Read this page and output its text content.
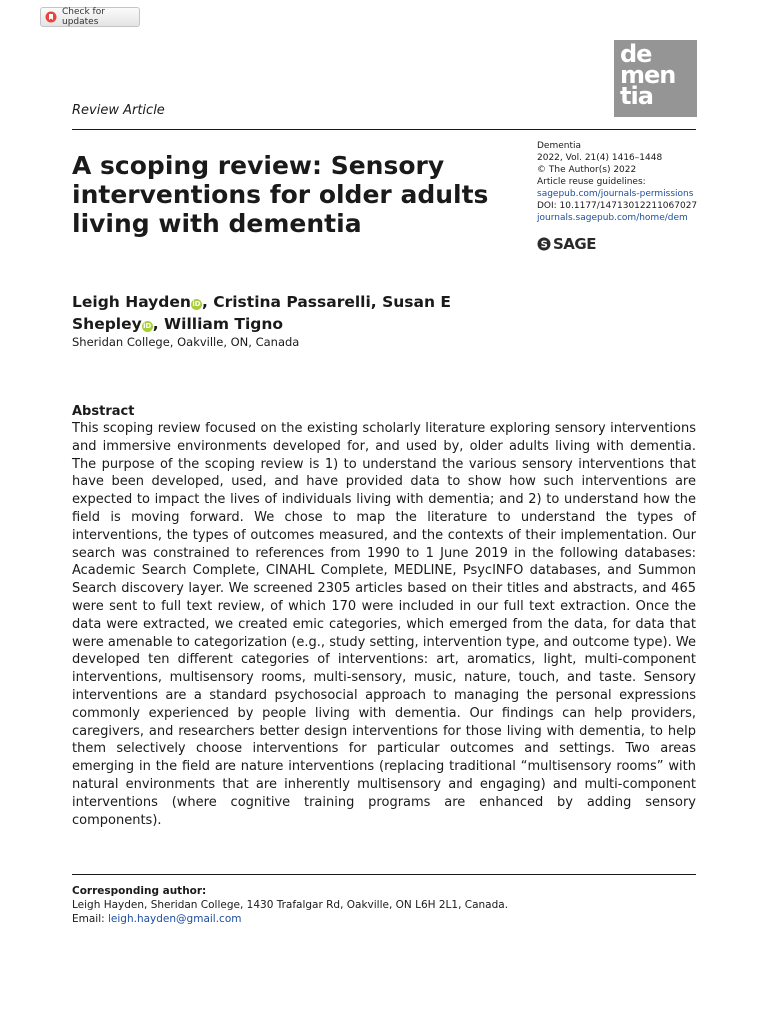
Check for updates
de
men
tia
Review Article
A scoping review: Sensory interventions for older adults living with dementia
Dementia
2022, Vol. 21(4) 1416–1448
© The Author(s) 2022
Article reuse guidelines:
sagepub.com/journals-permissions
DOI: 10.1177/14713012211067027
journals.sagepub.com/home/dem
S SAGE
Leigh HaydeniD, Cristina Passarelli, Susan E
ShepleyiD, William Tigno
Sheridan College, Oakville, ON, Canada
Abstract

This scoping review focused on the existing scholarly literature exploring sensory interventions and immersive environments developed for, and used by, older adults living with dementia. The purpose of the scoping review is 1) to understand the various sensory interventions that have been developed, used, and have provided data to show how such interventions are expected to impact the lives of individuals living with dementia; and 2) to understand how the field is moving forward. We chose to map the literature to understand the types of interventions, the types of outcomes measured, and the contexts of their implementation. Our search was constrained to references from 1990 to 1 June 2019 in the following databases: Academic Search Complete, CINAHL Complete, MEDLINE, PsycINFO databases, and Summon Search discovery layer. We screened 2305 articles based on their titles and abstracts, and 465 were sent to full text review, of which 170 were included in our full text extraction. Once the data were extracted, we created emic categories, which emerged from the data, for data that were amenable to categorization (e.g., study setting, intervention type, and outcome type). We developed ten different categories of interventions: art, aromatics, light, multi-component interventions, multisensory rooms, multi-sensory, music, nature, touch, and taste. Sensory interventions are a standard psychosocial approach to managing the personal expressions commonly experienced by people living with dementia. Our findings can help providers, caregivers, and researchers better design interventions for those living with dementia, to help them selectively choose interventions for particular outcomes and settings. Two areas emerging in the field are nature interventions (replacing traditional “multisensory rooms” with natural environments that are inherently multisensory and engaging) and multi-component interventions (where cognitive training programs are enhanced by adding sensory components).

Corresponding author:
Leigh Hayden, Sheridan College, 1430 Trafalgar Rd, Oakville, ON L6H 2L1, Canada.
Email: leigh.hayden@gmail.com
